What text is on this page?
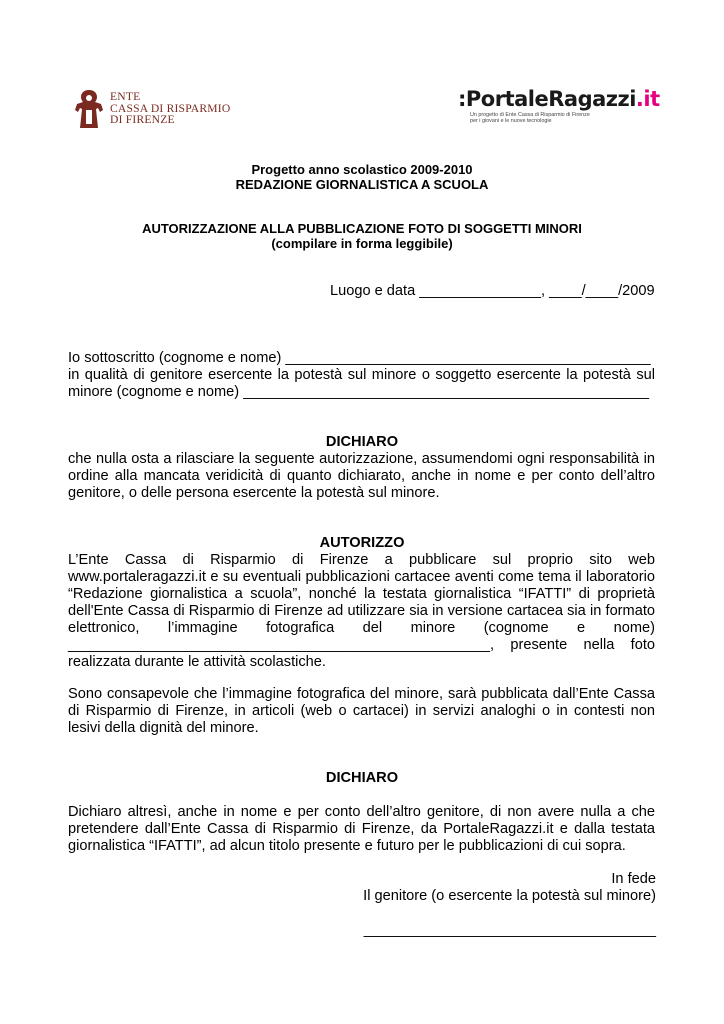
ENTE
CASSA DI RISPARMIO
DI FIRENZE
:PortaleRagazzi.it
Un progetto di Ente Cassa di Risparmio di Firenze
per i giovani e le nuove tecnologie
Progetto anno scolastico 2009-2010
REDAZIONE GIORNALISTICA A SCUOLA
AUTORIZZAZIONE ALLA PUBBLICAZIONE FOTO DI SOGGETTI MINORI
(compilare in forma leggibile)
Luogo e data _______________, ____/____/2009
Io sottoscritto (cognome e nome) _____________________________________________
in qualità di genitore esercente la potestà sul minore o soggetto esercente la potestà sul
minore (cognome e nome) __________________________________________________
DICHIARO
che nulla osta a rilasciare la seguente autorizzazione, assumendomi ogni responsabilità in
ordine alla mancata veridicità di quanto dichiarato, anche in nome e per conto dell’altro
genitore, o delle persona esercente la potestà sul minore.
AUTORIZZO
L’Ente Cassa di Risparmio di Firenze a pubblicare sul proprio sito web
www.portaleragazzi.it e su eventuali pubblicazioni cartacee aventi come tema il laboratorio
“Redazione giornalistica a scuola”, nonché la testata giornalistica “IFATTI” di proprietà
dell'Ente Cassa di Risparmio di Firenze ad utilizzare sia in versione cartacea sia in formato
elettronico, l’immagine fotografica del minore (cognome e nome)
____________________________________________________, presente nella foto
realizzata durante le attività scolastiche.
Sono consapevole che l’immagine fotografica del minore, sarà pubblicata dall’Ente Cassa
di Risparmio di Firenze, in articoli (web o cartacei) in servizi analoghi o in contesti non
lesivi della dignità del minore.
DICHIARO
Dichiaro altresì, anche in nome e per conto dell’altro genitore, di non avere nulla a che
pretendere dall’Ente Cassa di Risparmio di Firenze, da PortaleRagazzi.it e dalla testata
giornalistica “IFATTI”, ad alcun titolo presente e futuro per le pubblicazioni di cui sopra.
In fede
Il genitore (o esercente la potestà sul minore)
____________________________________
